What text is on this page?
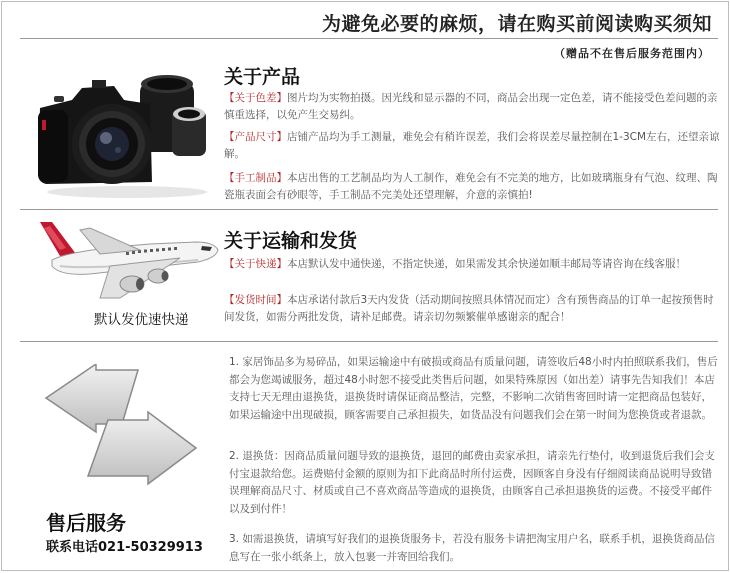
为避免必要的麻烦，请在购买前阅读购买须知
（赠品不在售后服务范围内）
关于产品
【关于色差】图片均为实物拍摄。因光线和显示器的不同，商品会出现一定色差，请不能接受色差问题的亲慎重选择，以免产生交易纠。
【产品尺寸】店铺产品均为手工测量，难免会有稍许误差，我们会将误差尽量控制在1-3CM左右，还望亲谅解。
【手工制品】本店出售的工艺制品均为人工制作，难免会有不完美的地方，比如玻璃瓶身有气泡、纹理、陶瓷瓶表面会有砂眼等，手工制品不完美处还望理解，介意的亲慎拍!
默认发优速快递
关于运输和发货
【关于快递】本店默认发中通快递，不指定快递，如果需发其余快递如顺丰邮局等请咨询在线客服！
【发货时间】本店承诺付款后3天内发货（活动期间按照具体情况而定）含有预售商品的订单一起按预售时间发货，如需分两批发货，请补足邮费。请亲切勿频繁催单感谢亲的配合！
售后服务
联系电话021-50329913
1. 家居饰品多为易碎品，如果运输途中有破损或商品有质量问题，请签收后48小时内拍照联系我们，售后都会为您竭诚服务，超过48小时恕不接受此类售后问题，如果特殊原因（如出差）请事先告知我们！本店支持七天无理由退换货，退换货时请保证商品整洁，完整，不影响二次销售寄回时请一定把商品包装好，如果运输途中出现破损，顾客需要自己承担损失，如货品没有问题我们会在第一时间为您换货或者退款。
2. 退换货：因商品质量问题导致的退换货，退回的邮费由卖家承担，请亲先行垫付，收到退货后我们会支付宝退款给您。运费赔付金额的原则为扣下此商品时所付运费，因顾客自身没有仔细阅读商品说明导致错误理解商品尺寸、材质或自己不喜欢商品等造成的退换货，由顾客自己承担退换货的运费。不接受平邮件以及到付件！
3. 如需退换货，请填写好我们的退换货服务卡，若没有服务卡请把淘宝用户名，联系手机，退换货商品信息写在一张小纸条上，放入包裹一并寄回给我们。
